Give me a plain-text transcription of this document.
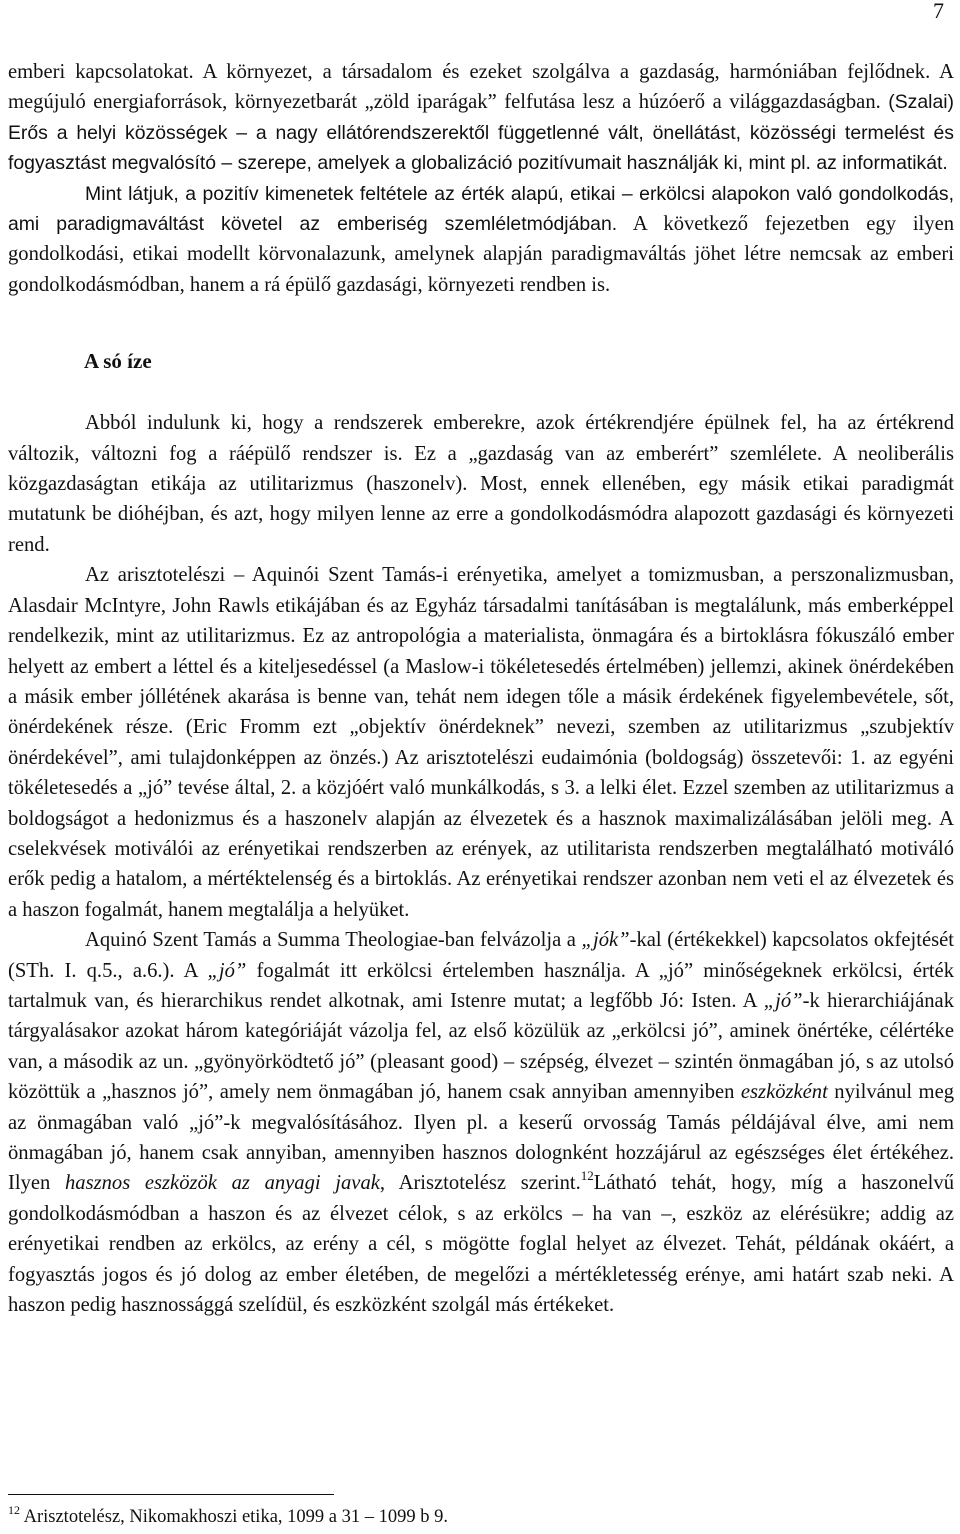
7

emberi kapcsolatokat. A környezet, a társadalom és ezeket szolgálva a gazdaság, harmóniában fejlődnek. A megújuló energiaforrások, környezetbarát „zöld iparágak” felfutása lesz a húzóerő a világgazdaságban. (Szalai) Erős a helyi közösségek – a nagy ellátórendszerektől függetlenné vált, önellátást, közösségi termelést és fogyasztást megvalósító – szerepe, amelyek a globalizáció pozitívumait használják ki, mint pl. az informatikát.

Mint látjuk, a pozitív kimenetek feltétele az érték alapú, etikai – erkölcsi alapokon való gondolkodás, ami paradigmaváltást követel az emberiség szemléletmódjában. A következő fejezetben egy ilyen gondolkodási, etikai modellt körvonalazunk, amelynek alapján paradigmaváltás jöhet létre nemcsak az emberi gondolkodásmódban, hanem a rá épülő gazdasági, környezeti rendben is.

A só íze

Abból indulunk ki, hogy a rendszerek emberekre, azok értékrendjére épülnek fel, ha az értékrend változik, változni fog a ráépülő rendszer is. Ez a „gazdaság van az emberért” szemlélete. A neoliberális közgazdaságtan etikája az utilitarizmus (haszonelv). Most, ennek ellenében, egy másik etikai paradigmát mutatunk be dióhéjban, és azt, hogy milyen lenne az erre a gondolkodásmódra alapozott gazdasági és környezeti rend.

Az arisztotelészi – Aquinói Szent Tamás-i erényetika, amelyet a tomizmusban, a perszonalizmusban, Alasdair McIntyre, John Rawls etikájában és az Egyház társadalmi tanításában is megtalálunk, más emberképpel rendelkezik, mint az utilitarizmus. Ez az antropológia a materialista, önmagára és a birtoklásra fókuszáló ember helyett az embert a léttel és a kiteljesedéssel (a Maslow-i tökéletesedés értelmében) jellemzi, akinek önérdekében a másik ember jóllétének akarása is benne van, tehát nem idegen tőle a másik érdekének figyelembevétele, sőt, önérdekének része. (Eric Fromm ezt „objektív önérdeknek” nevezi, szemben az utilitarizmus „szubjektív önérdekével”, ami tulajdonképpen az önzés.) Az arisztotelészi eudaimónia (boldogság) összetevői: 1. az egyéni tökéletesedés a „jó” tevése által, 2. a közjóért való munkálkodás, s 3. a lelki élet. Ezzel szemben az utilitarizmus a boldogságot a hedonizmus és a haszonelv alapján az élvezetek és a hasznok maximalizálásában jelöli meg. A cselekvések motiválói az erényetikai rendszerben az erények, az utilitarista rendszerben megtalálható motiváló erők pedig a hatalom, a mértéktelenség és a birtoklás. Az erényetikai rendszer azonban nem veti el az élvezetek és a haszon fogalmát, hanem megtalálja a helyüket.

Aquinó Szent Tamás a Summa Theologiae-ban felvázolja a „jók”-kal (értékekkel) kapcsolatos okfejtését (STh. I. q.5., a.6.). A „jó” fogalmát itt erkölcsi értelemben használja. A „jó” minőségeknek erkölcsi, érték tartalmuk van, és hierarchikus rendet alkotnak, ami Istenre mutat; a legfőbb Jó: Isten. A „jó”-k hierarchiájának tárgyalásakor azokat három kategóriáját vázolja fel, az első közülük az „erkölcsi jó”, aminek önértéke, célértéke van, a második az un. „gyönyörködtető jó” (pleasant good) – szépség, élvezet – szintén önmagában jó, s az utolsó közöttük a „hasznos jó”, amely nem önmagában jó, hanem csak annyiban amennyiben eszközként nyilvánul meg az önmagában való „jó”-k megvalósításához. Ilyen pl. a keserű orvosság Tamás példájával élve, ami nem önmagában jó, hanem csak annyiban, amennyiben hasznos dolognként hozzájárul az egészséges élet értékéhez. Ilyen hasznos eszközök az anyagi javak, Arisztotelész szerint.$^{12}$Látható tehát, hogy, míg a haszonelvű gondolkodásmódban a haszon és az élvezet célok, s az erkölcs – ha van –, eszköz az elérésükre; addig az erényetikai rendben az erkölcs, az erény a cél, s mögötte foglal helyet az élvezet. Tehát, példának okáért, a fogyasztás jogos és jó dolog az ember életében, de megelőzi a mértékletesség erénye, ami határt szab neki. A haszon pedig hasznossággá szelídül, és eszközként szolgál más értékeket.

$^{12}$ Arisztotelész, Nikomakhoszi etika, 1099 a 31 – 1099 b 9.
